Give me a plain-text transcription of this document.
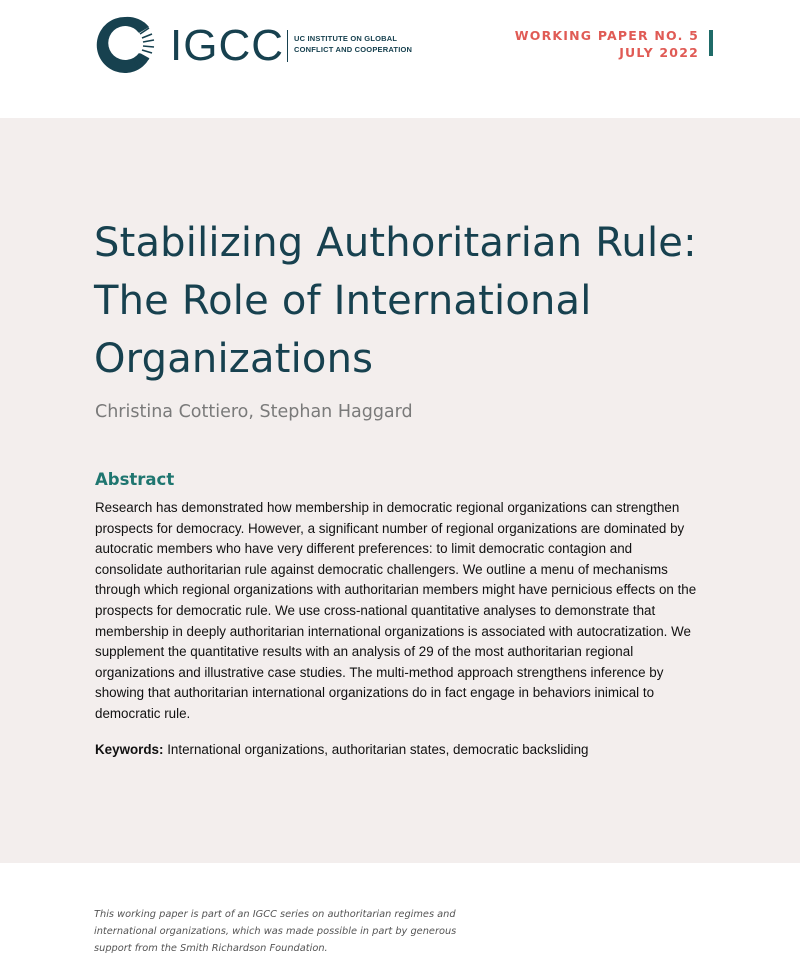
IGCC UC INSTITUTE ON GLOBAL
CONFLICT AND COOPERATION
WORKING PAPER NO. 5
JULY 2022
Stabilizing Authoritarian Rule:
The Role of International
Organizations
Christina Cottiero, Stephan Haggard
Abstract
Research has demonstrated how membership in democratic regional organizations can strengthen
prospects for democracy. However, a significant number of regional organizations are dominated by
autocratic members who have very different preferences: to limit democratic contagion and
consolidate authoritarian rule against democratic challengers. We outline a menu of mechanisms
through which regional organizations with authoritarian members might have pernicious effects on the
prospects for democratic rule. We use cross-national quantitative analyses to demonstrate that
membership in deeply authoritarian international organizations is associated with autocratization. We
supplement the quantitative results with an analysis of 29 of the most authoritarian regional
organizations and illustrative case studies. The multi-method approach strengthens inference by
showing that authoritarian international organizations do in fact engage in behaviors inimical to
democratic rule.
Keywords: International organizations, authoritarian states, democratic backsliding
This working paper is part of an IGCC series on authoritarian regimes and
international organizations, which was made possible in part by generous
support from the Smith Richardson Foundation.
